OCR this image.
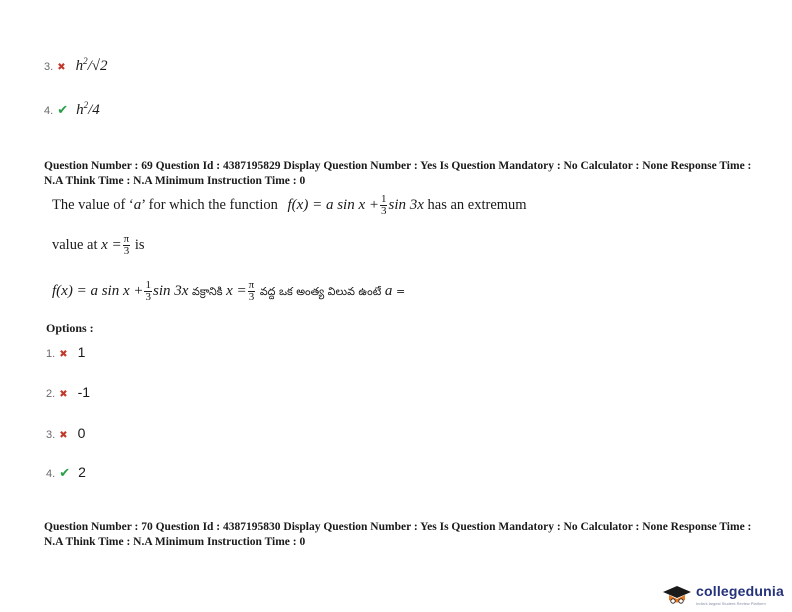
3. ✖ $h^2/√2$
4. ✔ $h^2/4$
Question Number : 69 Question Id : 4387195829 Display Question Number : Yes Is Question Mandatory : No Calculator : None Response Time : N.A Think Time : N.A Minimum Instruction Time : 0
The value of ‘a’ for which the function f(x) = a $\sin x + \frac{1}{3}$ sin 3x has an extremum
value at $x = \frac{\pi}{3}$ is
f(x) = a $\sin x + \frac{1}{3}$ sin 3x వక్రానికి $x = \frac{\pi}{3}$ వద్ద ఒక అంత్య విలువ ఉంటే a =
Options :
1. ✖ 1
2. ✖ -1
3. ✖ 0
4. ✔ 2
Question Number : 70 Question Id : 4387195830 Display Question Number : Yes Is Question Mandatory : No Calculator : None Response Time : N.A Think Time : N.A Minimum Instruction Time : 0
collegedunia
India's largest Student Review Platform
